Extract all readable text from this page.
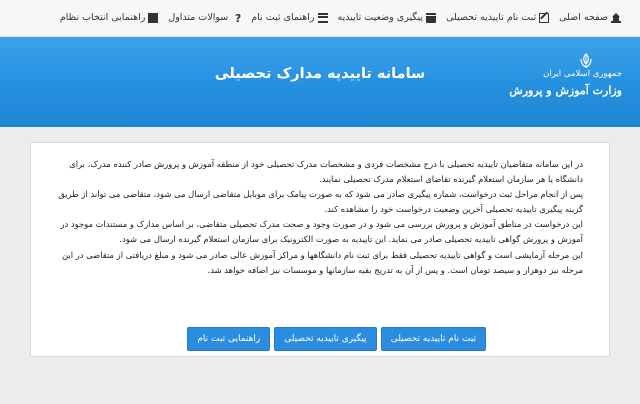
صفحه اصلی
ثبت نام تاییدیه تحصیلی
پیگیری وضعیت تاییدیه
راهنمای ثبت نام
?
سوالات متداول
راهنمایی انتخاب نظام
جمهوری اسلامی ایران
وزارت آموزش و پرورش
سامانه تاییدیه مدارک تحصیلی

در این سامانه متقاضیان تاییدیه تحصیلی با درج مشخصات فردی و مشخصات مدرک تحصیلی خود از منطقه آموزش و پرورش صادر کننده مدرک، برای دانشگاه یا هر سازمان استعلام گیرنده تقاضای استعلام مدرک تحصیلی نمایند.

پس از انجام مراحل ثبت درخواست، شماره پیگیری صادر می شود که به صورت پیامک برای موبایل متقاضی ارسال می شود، متقاضی می تواند از طریق گزینه پیگیری تاییدیه تحصیلی آخرین وضعیت درخواست خود را مشاهده کند.

این درخواست در مناطق آموزش و پرورش بررسی می شود و در صورت وجود و صحت مدرک تحصیلی متقاضی، بر اساس مدارک و مستندات موجود در آموزش و پرورش گواهی تاییدیه تحصیلی صادر می نماید. این تاییدیه به صورت الکترونیک برای سازمان استعلام گیرنده ارسال می شود.

این مرحله آزمایشی است و گواهی تاییدیه تحصیلی فقط برای ثبت نام دانشگاهها و مراکز آموزش عالی صادر می شود و مبلغ دریافتی از متقاضی در این مرحله نیز دوهزار و سیصد تومان است. و پس از آن به تدریج بقیه سازمانها و موسسات نیز اضافه خواهد شد.

ثبت نام تاییدیه تحصیلی
پیگیری تاییدیه تحصیلی
راهنمایی ثبت نام
